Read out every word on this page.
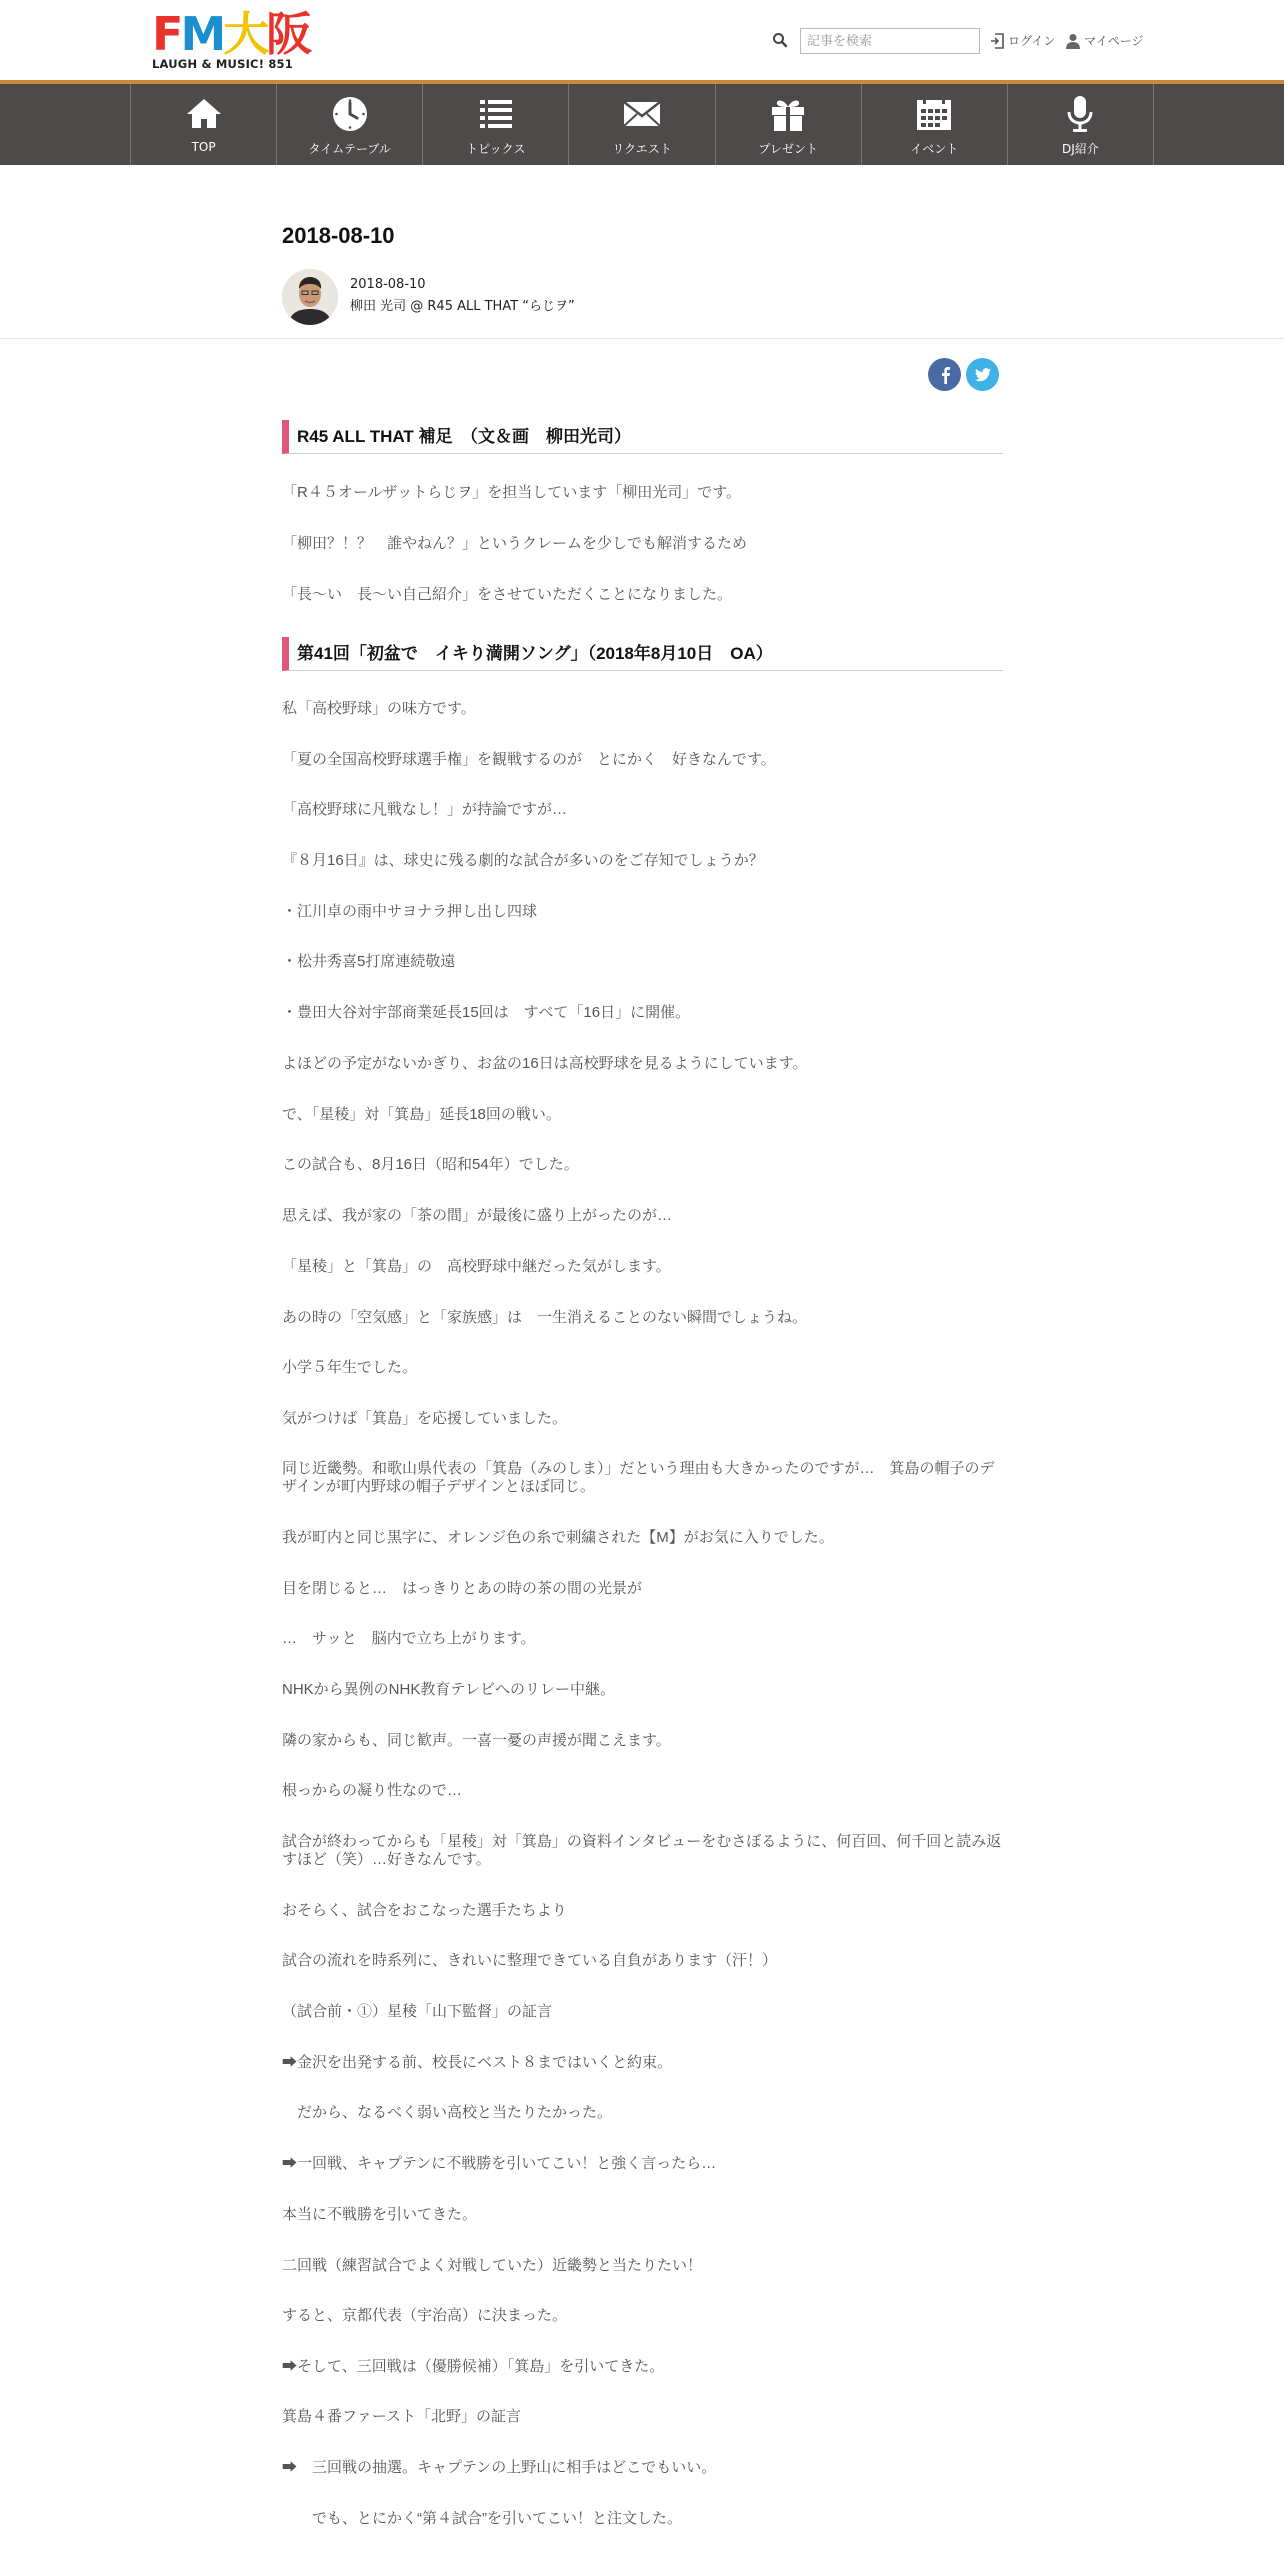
F M 大 阪
LAUGH & MUSIC! 851
記事を検索
ログイン マイページ
TOP	タイムテーブル	トピックス	リクエスト	プレゼント	イベント	DJ紹介
2018-08-10
2018-08-10
柳田 光司 @ R45 ALL THAT “らじヲ”
R45 ALL THAT 補足　（文＆画　柳田光司）

「R４５オールザットらじヲ」を担当しています「柳田光司」です。

「柳田？！？　誰やねん？」というクレームを少しでも解消するため

「長～い　長～い自己紹介」をさせていただくことになりました。

第41回「初盆で　イキり満開ソング」（2018年8月10日　OA）

私「高校野球」の味方です。

「夏の全国高校野球選手権」を観戦するのが　とにかく　好きなんです。

「高校野球に凡戦なし！」が持論ですが…

『８月16日』は、球史に残る劇的な試合が多いのをご存知でしょうか？

・江川卓の雨中サヨナラ押し出し四球

・松井秀喜5打席連続敬遠

・豊田大谷対宇部商業延長15回は　すべて「16日」に開催。

よほどの予定がないかぎり、お盆の16日は高校野球を見るようにしています。

で、「星稜」対「箕島」延長18回の戦い。

この試合も、8月16日（昭和54年）でした。

思えば、我が家の「茶の間」が最後に盛り上がったのが…

「星稜」と「箕島」の　高校野球中継だった気がします。

あの時の「空気感」と「家族感」は　一生消えることのない瞬間でしょうね。

小学５年生でした。

気がつけば「箕島」を応援していました。

同じ近畿勢。和歌山県代表の「箕島（みのしま）」だという理由も大きかったのですが…　箕島の帽子のデザインが町内野球の帽子デザインとほぼ同じ。

我が町内と同じ黒字に、オレンジ色の糸で刺繍された【M】がお気に入りでした。

目を閉じると…　はっきりとあの時の茶の間の光景が

…　サッと　脳内で立ち上がります。

NHKから異例のNHK教育テレビへのリレー中継。

隣の家からも、同じ歓声。一喜一憂の声援が聞こえます。

根っからの凝り性なので…

試合が終わってからも「星稜」対「箕島」の資料インタビューをむさぼるように、何百回、何千回と読み返すほど（笑）…好きなんです。

おそらく、試合をおこなった選手たちより

試合の流れを時系列に、きれいに整理できている自負があります（汗！）

（試合前・①）星稜「山下監督」の証言

➡金沢を出発する前、校長にベスト８まではいくと約束。

　だから、なるべく弱い高校と当たりたかった。

➡一回戦、キャプテンに不戦勝を引いてこい！と強く言ったら…

本当に不戦勝を引いてきた。

二回戦（練習試合でよく対戦していた）近畿勢と当たりたい！

すると、京都代表（宇治高）に決まった。

➡そして、三回戦は（優勝候補）「箕島」を引いてきた。

箕島４番ファースト「北野」の証言

➡　三回戦の抽選。キャプテンの上野山に相手はどこでもいい。

　　でも、とにかく“第４試合”を引いてこい！と注文した。
